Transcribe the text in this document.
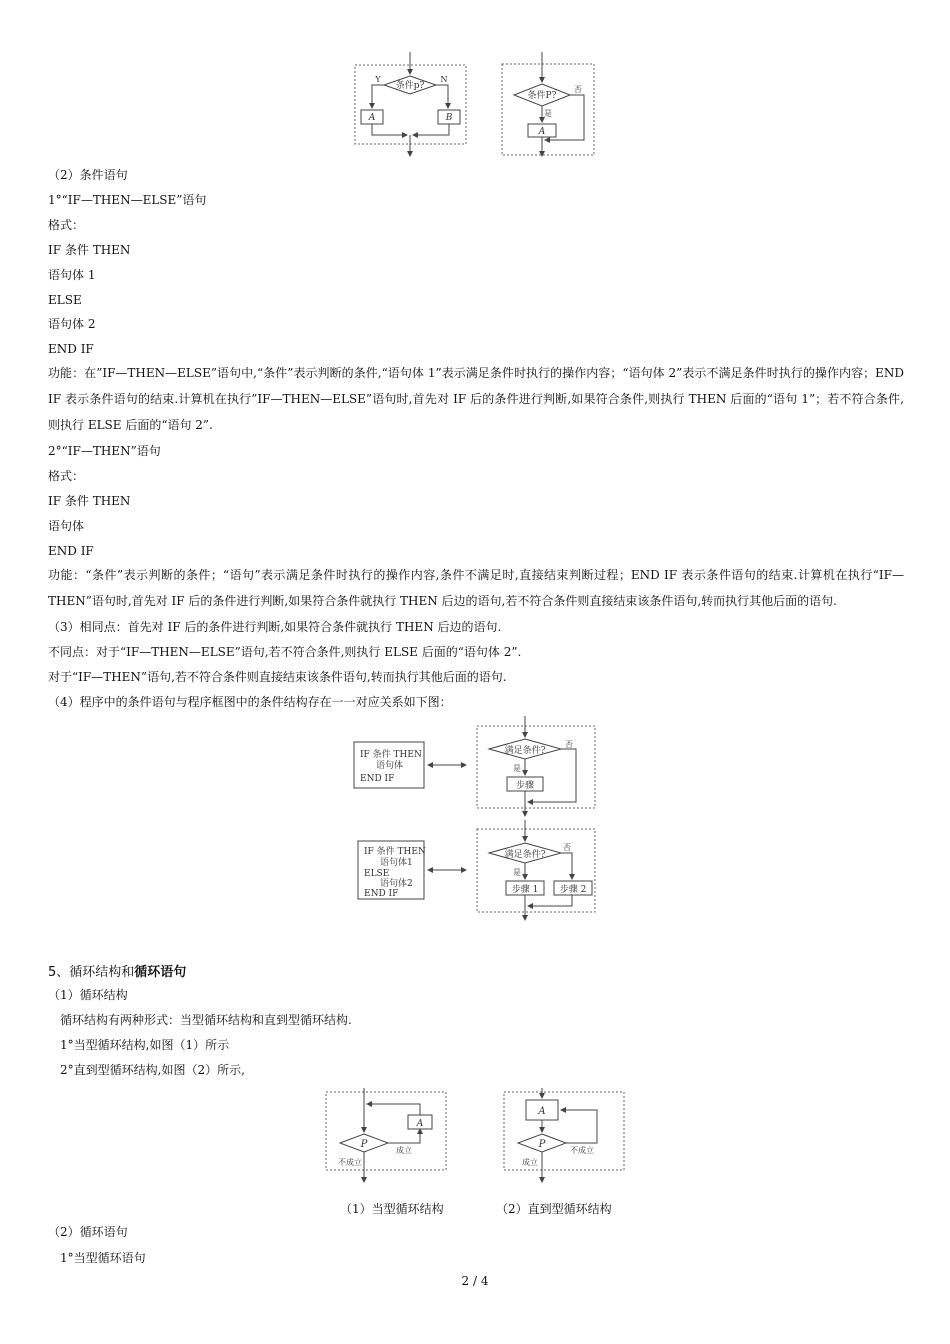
条件p?
Y	N
A	B
条件P?
否
是
A
（2）条件语句
1°“IF—THEN—ELSE”语句
格式：
IF 条件 THEN
语句体 1
ELSE
语句体 2
END IF
功能：在”IF—THEN—ELSE”语句中,“条件”表示判断的条件,“语句体 1”表示满足条件时执行的操作内容；“语句体 2”表示不满足条件时执行的操作内容；END IF 表示条件语句的结束.计算机在执行”IF—THEN—ELSE”语句时,首先对 IF 后的条件进行判断,如果符合条件,则执行 THEN 后面的“语句 1”；若不符合条件,则执行 ELSE 后面的“语句 2”.
2°“IF—THEN”语句
格式：
IF 条件 THEN
语句体
END IF
功能：“条件”表示判断的条件；“语句”表示满足条件时执行的操作内容,条件不满足时,直接结束判断过程；END IF 表示条件语句的结束.计算机在执行“IF—THEN”语句时,首先对 IF 后的条件进行判断,如果符合条件就执行 THEN 后边的语句,若不符合条件则直接结束该条件语句,转而执行其他后面的语句.
（3）相同点：首先对 IF 后的条件进行判断,如果符合条件就执行 THEN 后边的语句.
不同点：对于“IF—THEN—ELSE”语句,若不符合条件,则执行 ELSE 后面的“语句体 2”.
对于“IF—THEN”语句,若不符合条件则直接结束该条件语句,转而执行其他后面的语句.
（4）程序中的条件语句与程序框图中的条件结构存在一一对应关系如下图：
IF 条件 THEN
语句体
END IF
满足条件?
否
是
步骤
IF 条件 THEN
语句体1
ELSE
语句体2
END IF
满足条件?
否
是
步骤 1 步骤 2
5、循环结构和循环语句
（1）循环结构
循环结构有两种形式：当型循环结构和直到型循环结构.
1°当型循环结构,如图（1）所示
2°直到型循环结构,如图（2）所示,
P
成立
A
不成立
A
P
不成立
成立
（1）当型循环结构	（2）直到型循环结构
（2）循环语句
1°当型循环语句
2 / 4
